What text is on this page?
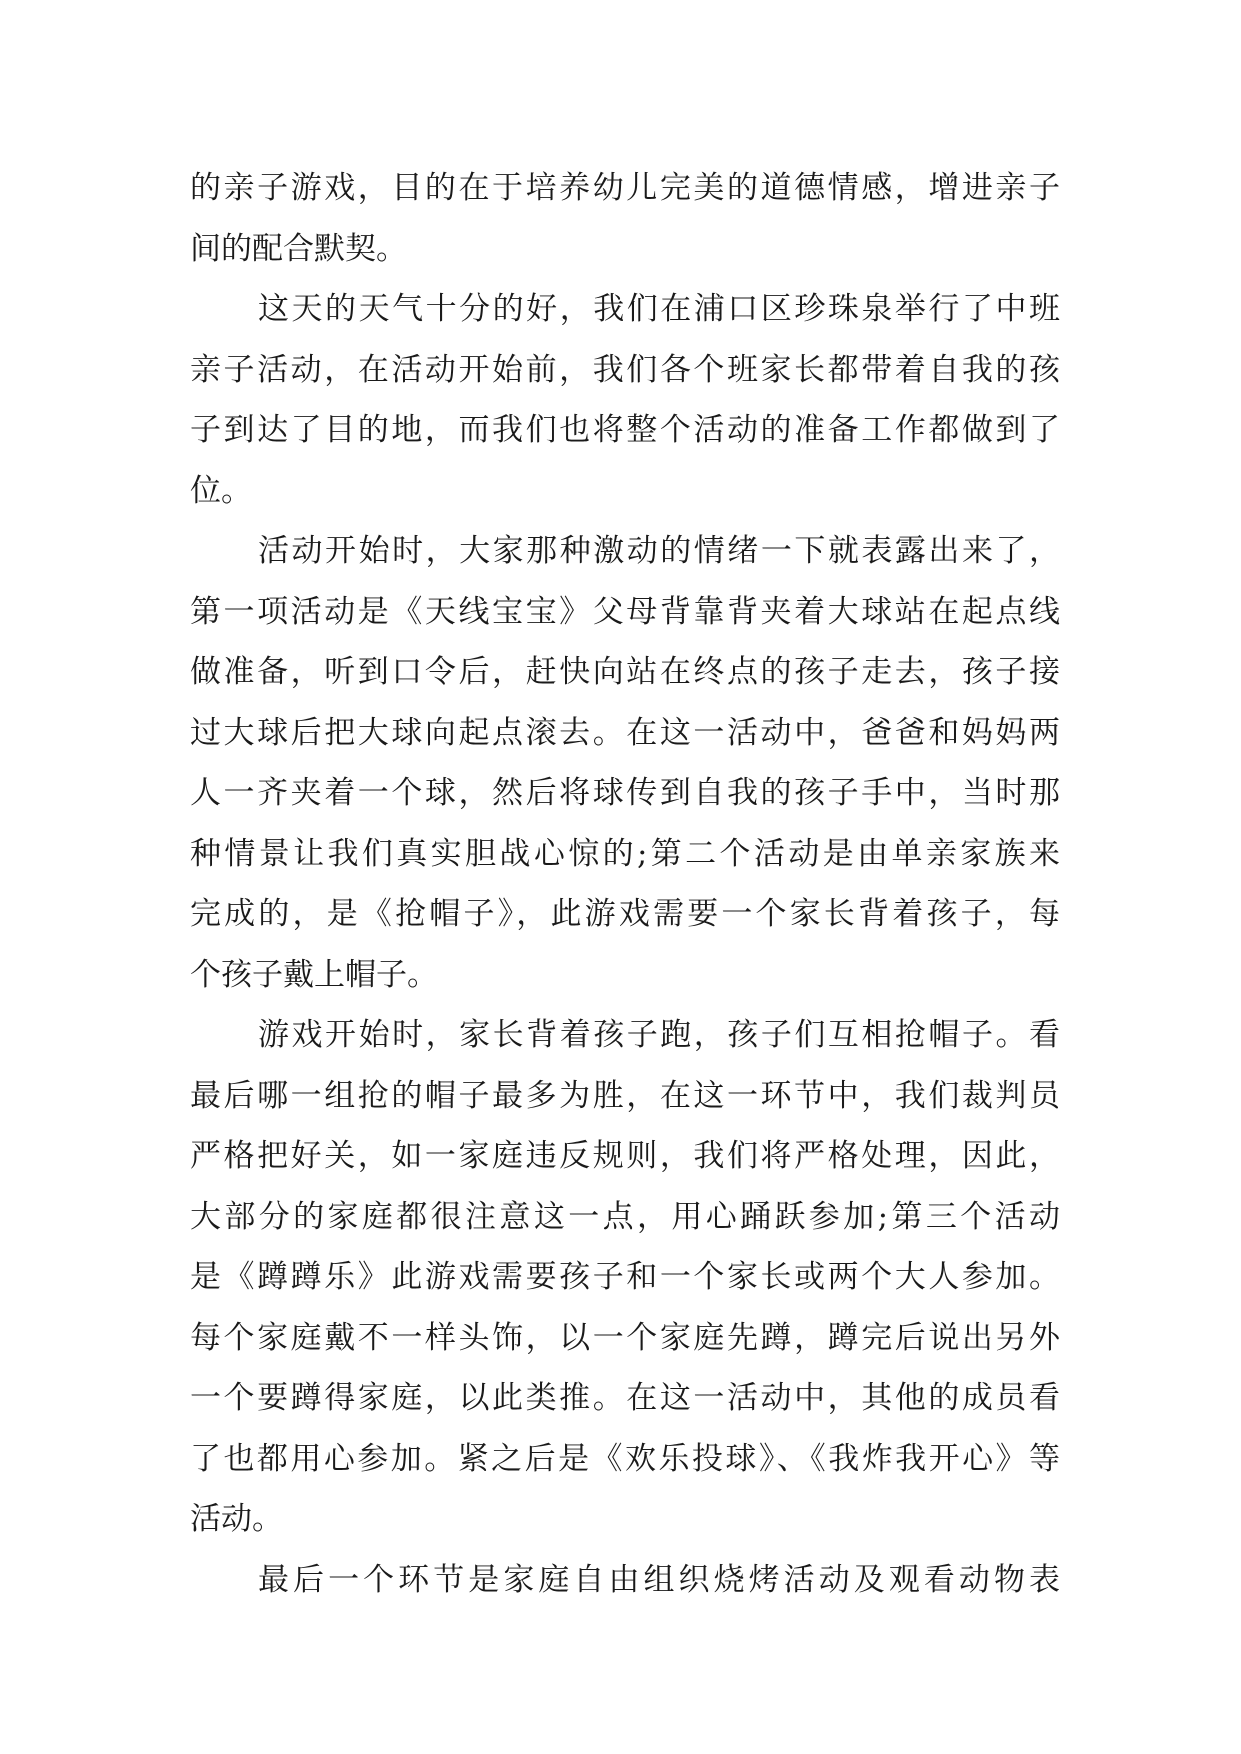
的亲子游戏，目的在于培养幼儿完美的道德情感，增进亲子
间的配合默契。
这天的天气十分的好，我们在浦口区珍珠泉举行了中班
亲子活动，在活动开始前，我们各个班家长都带着自我的孩
子到达了目的地，而我们也将整个活动的准备工作都做到了
位。
活动开始时，大家那种激动的情绪一下就表露出来了，
第一项活动是《天线宝宝》父母背靠背夹着大球站在起点线
做准备，听到口令后，赶快向站在终点的孩子走去，孩子接
过大球后把大球向起点滚去。在这一活动中，爸爸和妈妈两
人一齐夹着一个球，然后将球传到自我的孩子手中，当时那
种情景让我们真实胆战心惊的;第二个活动是由单亲家族来
完成的，是《抢帽子》，此游戏需要一个家长背着孩子，每
个孩子戴上帽子。
游戏开始时，家长背着孩子跑，孩子们互相抢帽子。看
最后哪一组抢的帽子最多为胜，在这一环节中，我们裁判员
严格把好关，如一家庭违反规则，我们将严格处理，因此，
大部分的家庭都很注意这一点，用心踊跃参加;第三个活动
是《蹲蹲乐》此游戏需要孩子和一个家长或两个大人参加。
每个家庭戴不一样头饰，以一个家庭先蹲，蹲完后说出另外
一个要蹲得家庭，以此类推。在这一活动中，其他的成员看
了也都用心参加。紧之后是《欢乐投球》、《我炸我开心》等
活动。
最后一个环节是家庭自由组织烧烤活动及观看动物表
